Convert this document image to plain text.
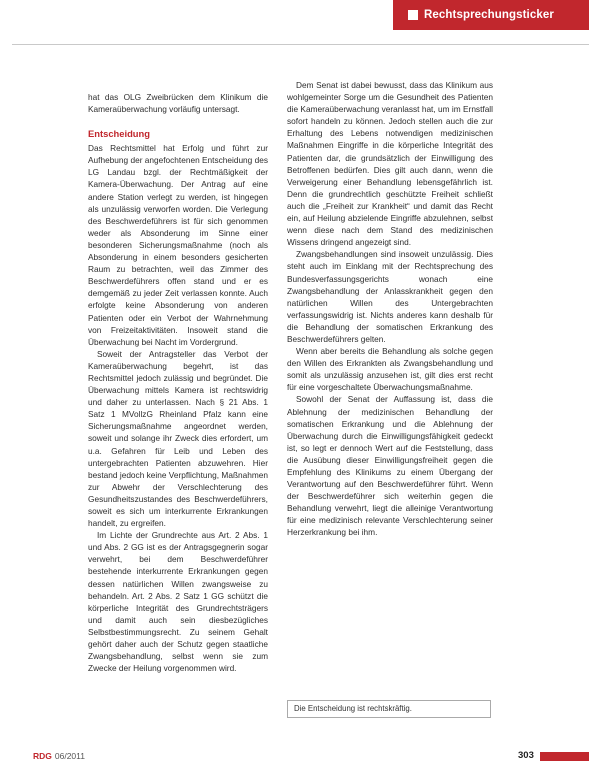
Rechtsprechungsticker

hat das OLG Zweibrücken dem Klinikum die Kameraüberwachung vorläufig untersagt.

Entscheidung

Das Rechtsmittel hat Erfolg und führt zur Aufhebung der angefochtenen Entscheidung des LG Landau bzgl. der Rechtmäßigkeit der Kamera-Überwachung. Der Antrag auf eine andere Station verlegt zu werden, ist hingegen als unzulässig verworfen worden. Die Verlegung des Beschwerdeführers ist für sich genommen weder als Absonderung im Sinne einer besonderen Sicherungsmaßnahme (noch als Absonderung in einem besonders gesicherten Raum zu betrachten, weil das Zimmer des Beschwerdeführers offen stand und er es demgemäß zu jeder Zeit verlassen konnte. Auch erfolgte keine Absonderung von anderen Patienten oder ein Verbot der Wahrnehmung von Freizeitaktivitäten. Insoweit stand die Überwachung bei Nacht im Vordergrund.

Soweit der Antragsteller das Verbot der Kameraüberwachung begehrt, ist das Rechtsmittel jedoch zulässig und begründet. Die Überwachung mittels Kamera ist rechtswidrig und daher zu unterlassen. Nach § 21 Abs. 1 Satz 1 MVollzG Rheinland Pfalz kann eine Sicherungsmaßnahme angeordnet werden, soweit und solange ihr Zweck dies erfordert, um u.a. Gefahren für Leib und Leben des untergebrachten Patienten abzuwehren. Hier bestand jedoch keine Verpflichtung, Maßnahmen zur Abwehr der Verschlechterung des Gesundheitszustandes des Beschwerdeführers, soweit es sich um interkurrente Erkrankungen handelt, zu ergreifen.

Im Lichte der Grundrechte aus Art. 2 Abs. 1 und Abs. 2 GG ist es der Antragsgegnerin sogar verwehrt, bei dem Beschwerdeführer bestehende interkurrente Erkrankungen gegen dessen natürlichen Willen zwangsweise zu behandeln. Art. 2 Abs. 2 Satz 1 GG schützt die körperliche Integrität des Grundrechtsträgers und damit auch sein diesbezügliches Selbstbestimmungsrecht. Zu seinem Gehalt gehört daher auch der Schutz gegen staatliche Zwangsbehandlung, selbst wenn sie zum Zwecke der Heilung vorgenommen wird.

Dem Senat ist dabei bewusst, dass das Klinikum aus wohlgemeinter Sorge um die Gesundheit des Patienten die Kameraüberwachung veranlasst hat, um im Ernstfall sofort handeln zu können. Jedoch stellen auch die zur Erhaltung des Lebens notwendigen medizinischen Maßnahmen Eingriffe in die körperliche Integrität des Patienten dar, die grundsätzlich der Einwilligung des Betroffenen bedürfen. Dies gilt auch dann, wenn die Verweigerung einer Behandlung lebensgefährlich ist. Denn die grundrechtlich geschützte Freiheit schließt auch die „Freiheit zur Krankheit“ und damit das Recht ein, auf Heilung abzielende Eingriffe abzulehnen, selbst wenn diese nach dem Stand des medizinischen Wissens dringend angezeigt sind.

Zwangsbehandlungen sind insoweit unzulässig. Dies steht auch im Einklang mit der Rechtsprechung des Bundesverfassungsgerichts wonach eine Zwangsbehandlung der Anlasskrankheit gegen den natürlichen Willen des Untergebrachten verfassungswidrig ist. Nichts anderes kann deshalb für die Behandlung der somatischen Erkrankung des Beschwerdeführers gelten.

Wenn aber bereits die Behandlung als solche gegen den Willen des Erkrankten als Zwangsbehandlung und somit als unzulässig anzusehen ist, gilt dies erst recht für eine vorgeschaltete Überwachungsmaßnahme.

Sowohl der Senat der Auffassung ist, dass die Ablehnung der medizinischen Behandlung der somatischen Erkrankung und die Ablehnung der Überwachung durch die Einwilligungsfähigkeit gedeckt ist, so legt er dennoch Wert auf die Feststellung, dass die Ausübung dieser Einwilligungsfreiheit gegen die Empfehlung des Klinikums zu einem Übergang der Verantwortung auf den Beschwerdeführer führt. Wenn der Beschwerdeführer sich weiterhin gegen die Behandlung verwehrt, liegt die alleinige Verantwortung für eine medizinisch relevante Verschlechterung seiner Herzerkrankung bei ihm.

Die Entscheidung ist rechtskräftig.
RDG 06/2011	303
